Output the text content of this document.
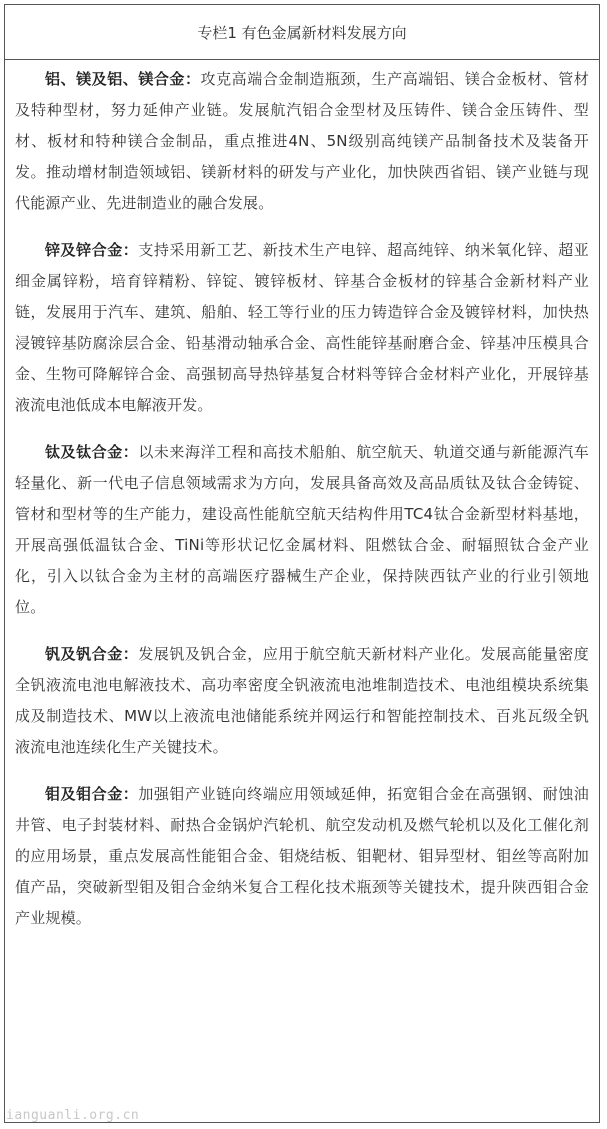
专栏1 有色金属新材料发展方向

铝、镁及铝、镁合金：攻克高端合金制造瓶颈，生产高端铝、镁合金板材、管材及特种型材，努力延伸产业链。发展航汽铝合金型材及压铸件、镁合金压铸件、型材、板材和特种镁合金制品，重点推进4N、5N级别高纯镁产品制备技术及装备开发。推动增材制造领域铝、镁新材料的研发与产业化，加快陕西省铝、镁产业链与现代能源产业、先进制造业的融合发展。

锌及锌合金：支持采用新工艺、新技术生产电锌、超高纯锌、纳米氧化锌、超亚细金属锌粉，培育锌精粉、锌锭、镀锌板材、锌基合金板材的锌基合金新材料产业链，发展用于汽车、建筑、船舶、轻工等行业的压力铸造锌合金及镀锌材料，加快热浸镀锌基防腐涂层合金、铅基滑动轴承合金、高性能锌基耐磨合金、锌基冲压模具合金、生物可降解锌合金、高强韧高导热锌基复合材料等锌合金材料产业化，开展锌基液流电池低成本电解液开发。

钛及钛合金：以未来海洋工程和高技术船舶、航空航天、轨道交通与新能源汽车轻量化、新一代电子信息领域需求为方向，发展具备高效及高品质钛及钛合金铸锭、管材和型材等的生产能力，建设高性能航空航天结构件用TC4钛合金新型材料基地，开展高强低温钛合金、TiNi等形状记忆金属材料、阻燃钛合金、耐辐照钛合金产业化，引入以钛合金为主材的高端医疗器械生产企业，保持陕西钛产业的行业引领地位。

钒及钒合金：发展钒及钒合金，应用于航空航天新材料产业化。发展高能量密度全钒液流电池电解液技术、高功率密度全钒液流电池堆制造技术、电池组模块系统集成及制造技术、MW以上液流电池储能系统并网运行和智能控制技术、百兆瓦级全钒液流电池连续化生产关键技术。

钼及钼合金：加强钼产业链向终端应用领域延伸，拓宽钼合金在高强钢、耐蚀油井管、电子封装材料、耐热合金锅炉汽轮机、航空发动机及燃气轮机以及化工催化剂的应用场景，重点发展高性能钼合金、钼烧结板、钼靶材、钼异型材、钼丝等高附加值产品，突破新型钼及钼合金纳米复合工程化技术瓶颈等关键技术，提升陕西钼合金产业规模。

ianguanli.org.cn
